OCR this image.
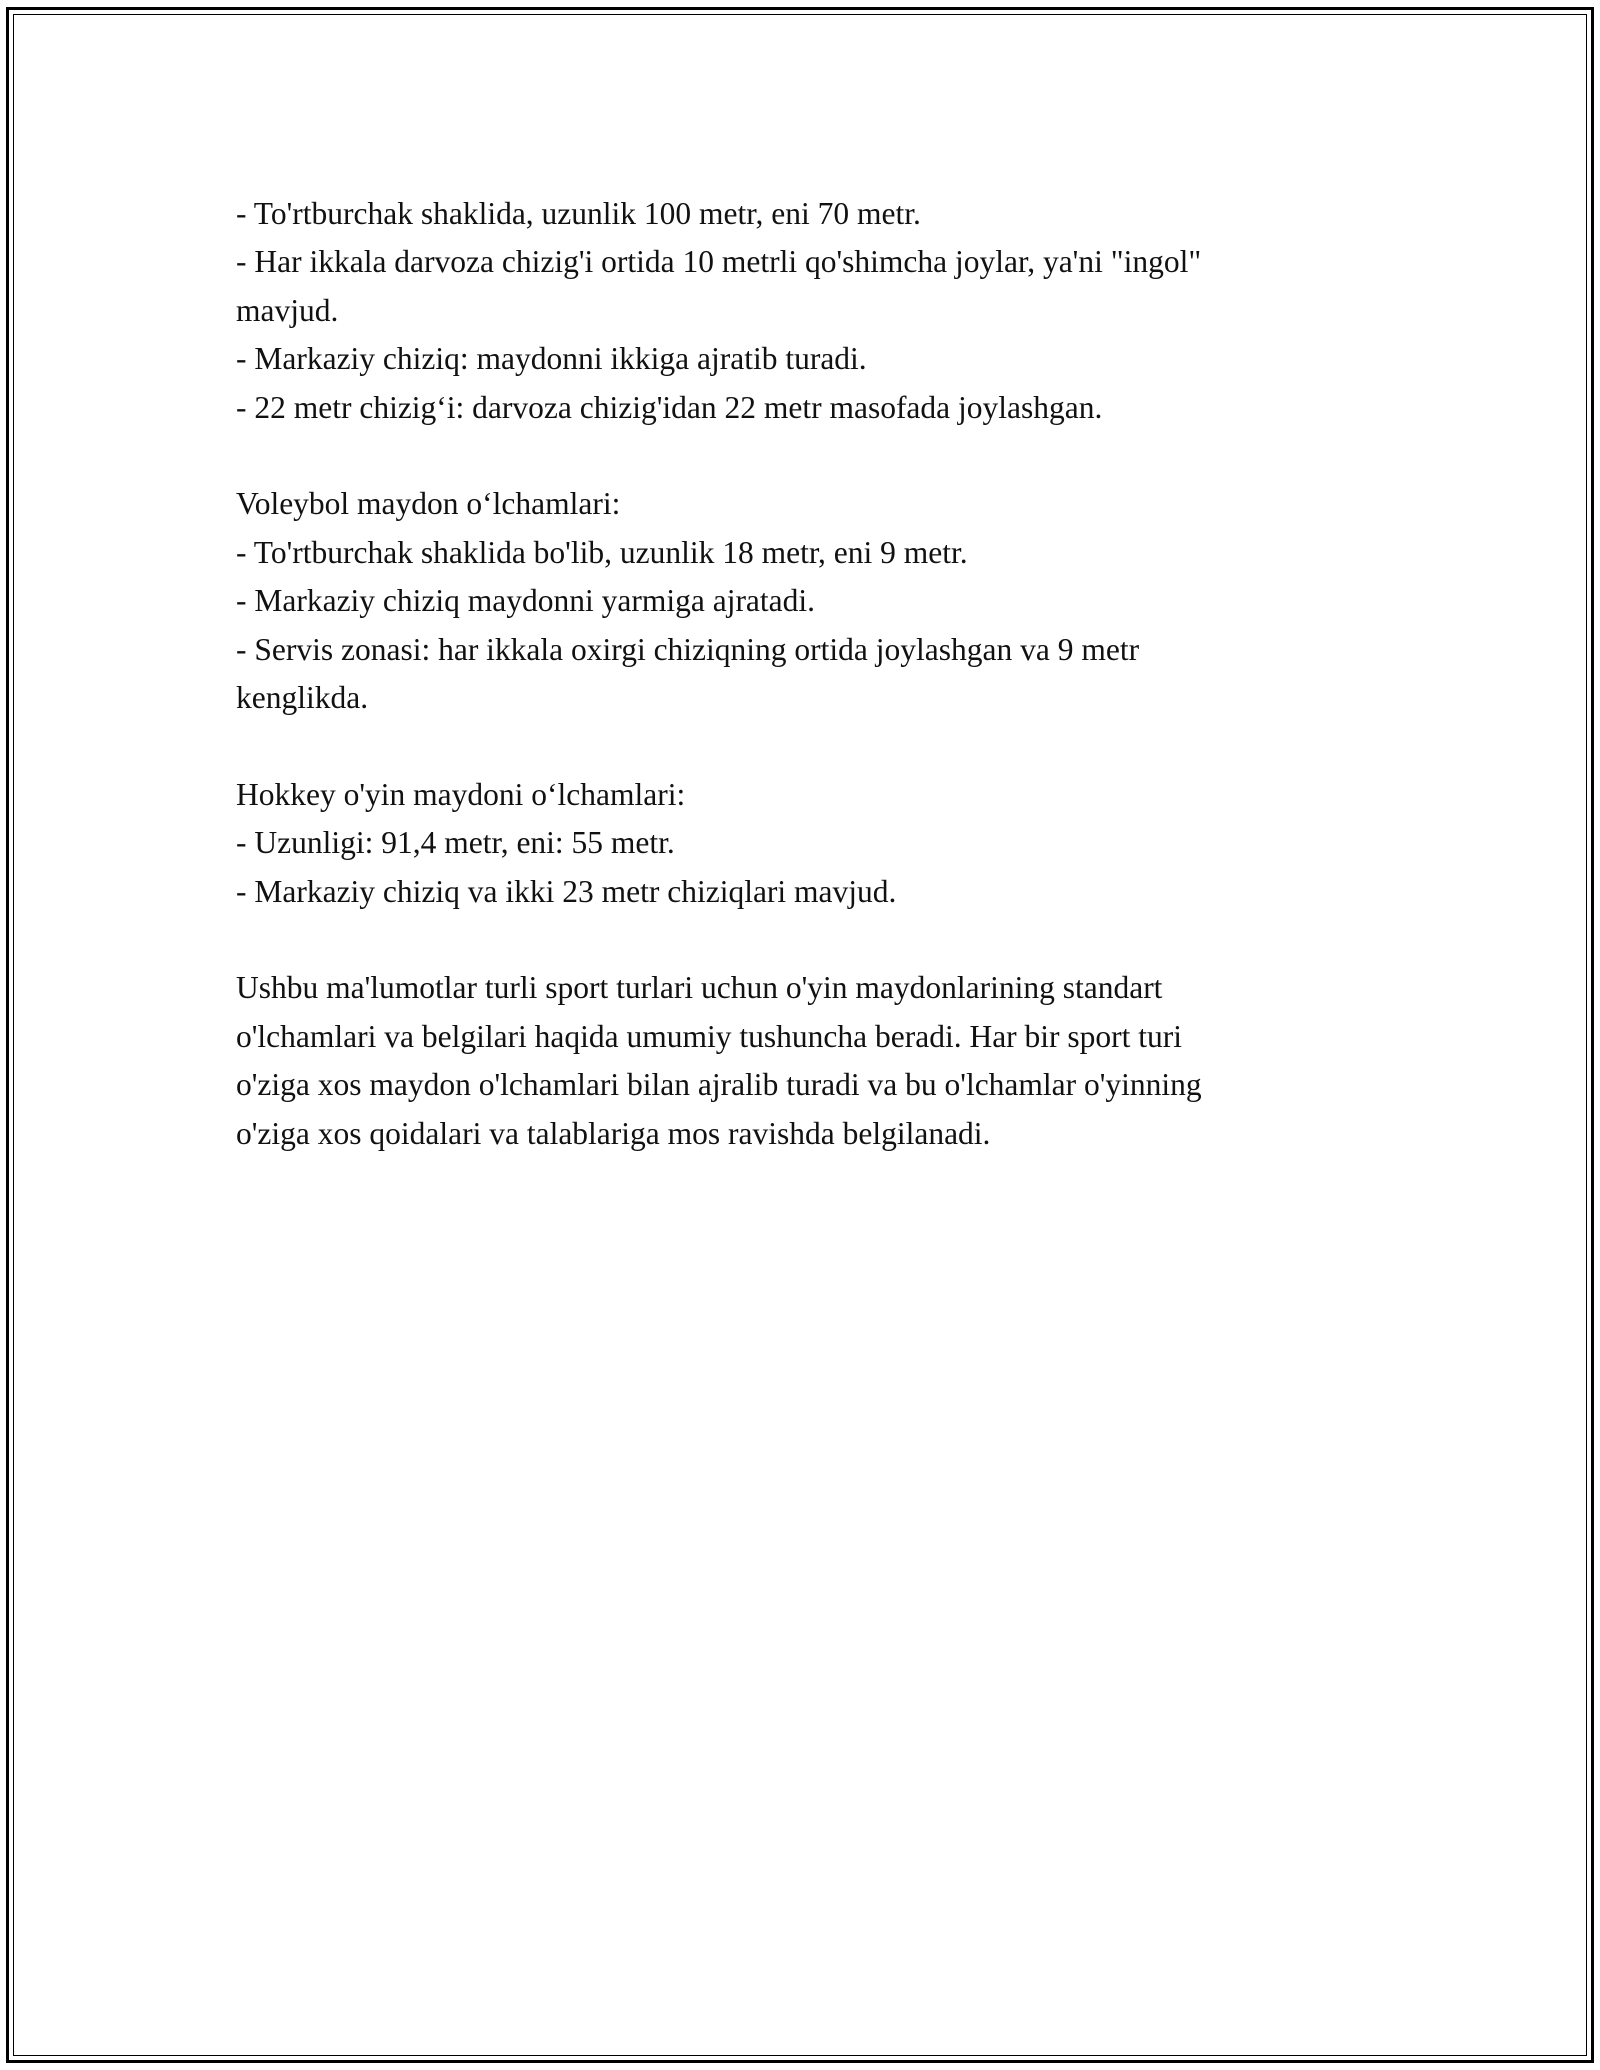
- To'rtburchak shaklida, uzunlik 100 metr, eni 70 metr.
- Har ikkala darvoza chizig'i ortida 10 metrli qo'shimcha joylar, ya'ni "ingol"
mavjud.
- Markaziy chiziq: maydonni ikkiga ajratib turadi.
- 22 metr chizig‘i: darvoza chizig'idan 22 metr masofada joylashgan.
Voleybol maydon o‘lchamlari:
- To'rtburchak shaklida bo'lib, uzunlik 18 metr, eni 9 metr.
- Markaziy chiziq maydonni yarmiga ajratadi.
- Servis zonasi: har ikkala oxirgi chiziqning ortida joylashgan va 9 metr
kenglikda.
Hokkey o'yin maydoni o‘lchamlari:
- Uzunligi: 91,4 metr, eni: 55 metr.
- Markaziy chiziq va ikki 23 metr chiziqlari mavjud.
Ushbu ma'lumotlar turli sport turlari uchun o'yin maydonlarining standart
o'lchamlari va belgilari haqida umumiy tushuncha beradi. Har bir sport turi
o'ziga xos maydon o'lchamlari bilan ajralib turadi va bu o'lchamlar o'yinning
o'ziga xos qoidalari va talablariga mos ravishda belgilanadi.
